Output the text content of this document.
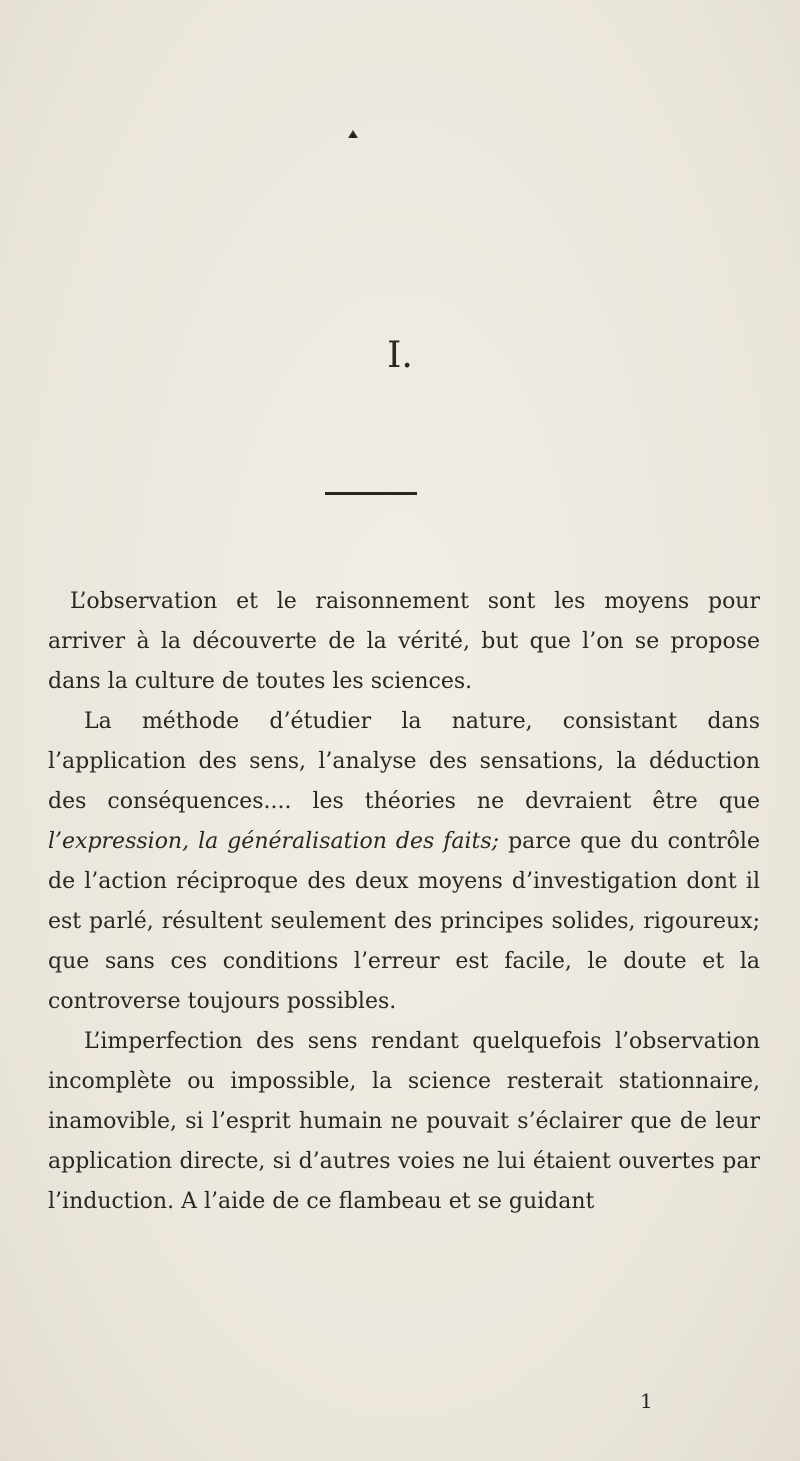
I.

L’observation et le raisonnement sont les moyens pour arriver à la découverte de la vérité, but que l’on se propose dans la culture de toutes les sciences.

La méthode d’étudier la nature, consistant dans l’application des sens, l’analyse des sensations, la déduction des conséquences.... les théories ne devraient être que l’expression, la généralisation des faits; parce que du contrôle de l’action réciproque des deux moyens d’investigation dont il est parlé, résultent seulement des principes solides, rigoureux; que sans ces conditions l’erreur est facile, le doute et la controverse toujours possibles.

L’imperfection des sens rendant quelquefois l’observation incomplète ou impossible, la science resterait stationnaire, inamovible, si l’esprit humain ne pouvait s’éclairer que de leur application directe, si d’autres voies ne lui étaient ouvertes par l’induction. A l’aide de ce flambeau et se guidant

1
